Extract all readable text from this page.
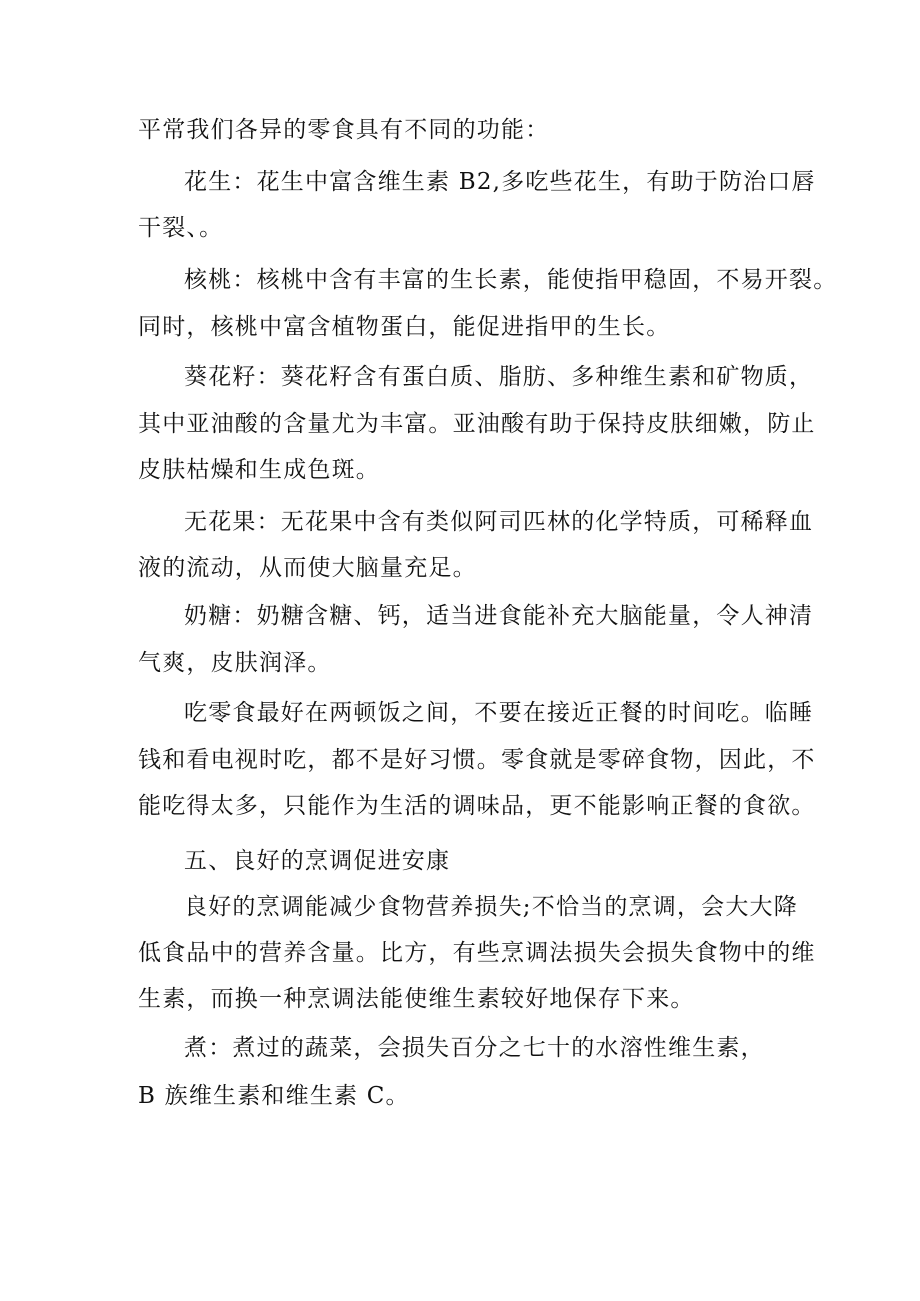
平常我们各异的零食具有不同的功能：

花生：花生中富含维生素 B2,多吃些花生，有助于防治口唇

干裂、。

核桃：核桃中含有丰富的生长素，能使指甲稳固，不易开裂。

同时，核桃中富含植物蛋白，能促进指甲的生长。

葵花籽：葵花籽含有蛋白质、脂肪、多种维生素和矿物质，

其中亚油酸的含量尤为丰富。亚油酸有助于保持皮肤细嫩，防止

皮肤枯燥和生成色斑。

无花果：无花果中含有类似阿司匹林的化学特质，可稀释血

液的流动，从而使大脑量充足。

奶糖：奶糖含糖、钙，适当进食能补充大脑能量，令人神清

气爽，皮肤润泽。

吃零食最好在两顿饭之间，不要在接近正餐的时间吃。临睡

钱和看电视时吃，都不是好习惯。零食就是零碎食物，因此，不

能吃得太多，只能作为生活的调味品，更不能影响正餐的食欲。

五、良好的烹调促进安康

良好的烹调能减少食物营养损失;不恰当的烹调，会大大降

低食品中的营养含量。比方，有些烹调法损失会损失食物中的维

生素，而换一种烹调法能使维生素较好地保存下来。

煮：煮过的蔬菜，会损失百分之七十的水溶性维生素，

B 族维生素和维生素 C。
